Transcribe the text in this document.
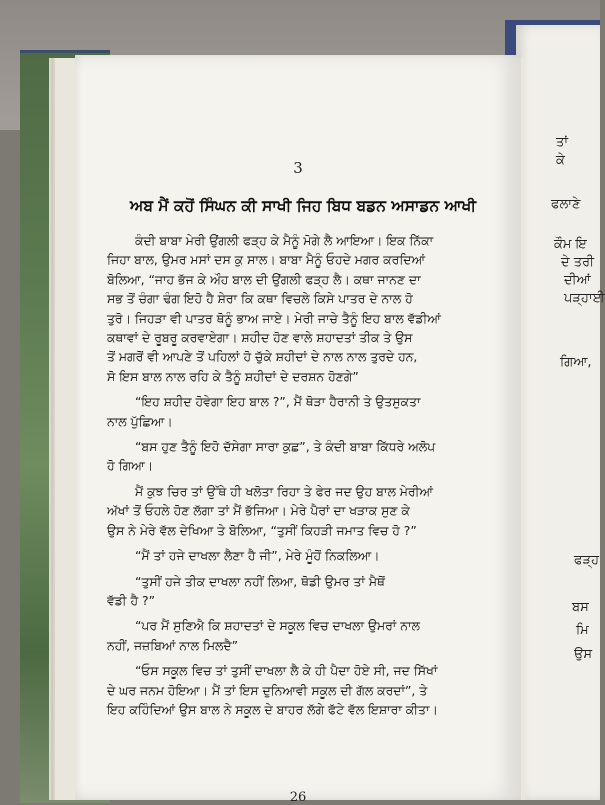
ਤਾਂ
ਕੇ
ਫਲਾਣੇ
ਕੌਮ ਇ
ਦੇ ਤਰੀ
ਦੀਆਂ
ਪੜ੍ਹਾਈ
ਗਿਆ,
ਫੜ੍ਹ
ਬਸ
ਮਿ
ਉਸ
3
ਅਬ ਮੈਂ ਕਹੋਂ ਸਿੰਘਨ ਕੀ ਸਾਖੀ ਜਿਹ ਬਿਧ ਬਡਨ ਅਸਾਡਨ ਆਖੀ
ਕੰਦੀ ਬਾਬਾ ਮੇਰੀ ਉਂਗਲੀ ਫੜ੍ਹ ਕੇ ਮੈਨੂੰ ਮੋਗੇ ਲੈ ਆਇਆ। ਇਕ ਨਿੱਕਾ
ਜਿਹਾ ਬਾਲ, ਉਮਰ ਮਸਾਂ ਦਸ ਕੁ ਸਾਲ। ਬਾਬਾ ਮੈਨੂੰ ਓਹਦੇ ਮਗਰ ਕਰਦਿਆਂ
ਬੋਲਿਆ, “ਜਾਹ ਭੱਜ ਕੇ ਔਹ ਬਾਲ ਦੀ ਉਂਗਲੀ ਫੜ੍ਹ ਲੈ। ਕਥਾ ਜਾਨਣ ਦਾ
ਸਭ ਤੋਂ ਚੰਗਾ ਢੰਗ ਇਹੋ ਹੈ ਸ਼ੇਰਾ ਕਿ ਕਥਾ ਵਿਚਲੇ ਕਿਸੇ ਪਾਤਰ ਦੇ ਨਾਲ ਹੋ
ਤੁਰੋ। ਜਿਹੜਾ ਵੀ ਪਾਤਰ ਥੋਨੂੰ ਭਾਅ ਜਾਏ। ਮੇਰੀ ਜਾਚੇ ਤੈਨੂੰ ਇਹ ਬਾਲ ਵੱਡੀਆਂ
ਕਥਾਵਾਂ ਦੇ ਰੂਬਰੂ ਕਰਵਾਏਗਾ। ਸ਼ਹੀਦ ਹੋਣ ਵਾਲੇ ਸ਼ਹਾਦਤਾਂ ਤੀਕ ਤੇ ਉਸ
ਤੋਂ ਮਗਰੋਂ ਵੀ ਆਪਣੇ ਤੋਂ ਪਹਿਲਾਂ ਹੋ ਚੁੱਕੇ ਸ਼ਹੀਦਾਂ ਦੇ ਨਾਲ ਨਾਲ ਤੁਰਦੇ ਹਨ,
ਸੋ ਇਸ ਬਾਲ ਨਾਲ ਰਹਿ ਕੇ ਤੈਨੂੰ ਸ਼ਹੀਦਾਂ ਦੇ ਦਰਸ਼ਨ ਹੋਣਗੇ”
“ਇਹ ਸ਼ਹੀਦ ਹੋਵੇਗਾ ਇਹ ਬਾਲ ?”, ਮੈਂ ਥੋੜਾ ਹੈਰਾਨੀ ਤੇ ਉਤਸੁਕਤਾ
ਨਾਲ ਪੁੱਛਿਆ।
“ਬਸ ਹੁਣ ਤੈਨੂੰ ਇਹੋ ਦੱਸੇਗਾ ਸਾਰਾ ਕੁਛ”, ਤੇ ਕੰਦੀ ਬਾਬਾ ਕਿੱਧਰੇ ਅਲੋਪ
ਹੋ ਗਿਆ।
ਮੈਂ ਕੁਝ ਚਿਰ ਤਾਂ ਉੱਥੇ ਹੀ ਖਲੋਤਾ ਰਿਹਾ ਤੇ ਫੇਰ ਜਦ ਉਹ ਬਾਲ ਮੇਰੀਆਂ
ਅੱਖਾਂ ਤੋਂ ਓਹਲੇ ਹੋਣ ਲੱਗਾ ਤਾਂ ਮੈਂ ਭੱਜਿਆ। ਮੇਰੇ ਪੈਰਾਂ ਦਾ ਖੜਾਕ ਸੁਣ ਕੇ
ਉਸ ਨੇ ਮੇਰੇ ਵੱਲ ਦੇਖਿਆ ਤੇ ਬੋਲਿਆ, “ਤੁਸੀਂ ਕਿਹੜੀ ਜਮਾਤ ਵਿਚ ਹੋ ?”
“ਮੈਂ ਤਾਂ ਹਜੇ ਦਾਖਲਾ ਲੈਣਾ ਹੈ ਜੀ”, ਮੇਰੇ ਮੂੰਹੋਂ ਨਿਕਲਿਆ।
“ਤੁਸੀਂ ਹਜੇ ਤੀਕ ਦਾਖਲਾ ਨਹੀਂ ਲਿਆ, ਥੋਡੀ ਉਮਰ ਤਾਂ ਮੈਥੋਂ
ਵੱਡੀ ਹੈ ?”
“ਪਰ ਮੈਂ ਸੁਣਿਐ ਕਿ ਸ਼ਹਾਦਤਾਂ ਦੇ ਸਕੂਲ ਵਿਚ ਦਾਖਲਾ ਉਮਰਾਂ ਨਾਲ
ਨਹੀਂ, ਜਜ਼ਬਿਆਂ ਨਾਲ ਮਿਲਦੈ”
“ਓਸ ਸਕੂਲ ਵਿਚ ਤਾਂ ਤੁਸੀਂ ਦਾਖਲਾ ਲੈ ਕੇ ਹੀ ਪੈਦਾ ਹੋਏ ਸੀ, ਜਦ ਸਿੱਖਾਂ
ਦੇ ਘਰ ਜਨਮ ਹੋਇਆ। ਮੈਂ ਤਾਂ ਇਸ ਦੁਨਿਆਵੀ ਸਕੂਲ ਦੀ ਗੱਲ ਕਰਦਾਂ”, ਤੇ
ਇਹ ਕਹਿੰਦਿਆਂ ਉਸ ਬਾਲ ਨੇ ਸਕੂਲ ਦੇ ਬਾਹਰ ਲੱਗੇ ਫੱਟੇ ਵੱਲ ਇਸ਼ਾਰਾ ਕੀਤਾ।
26
